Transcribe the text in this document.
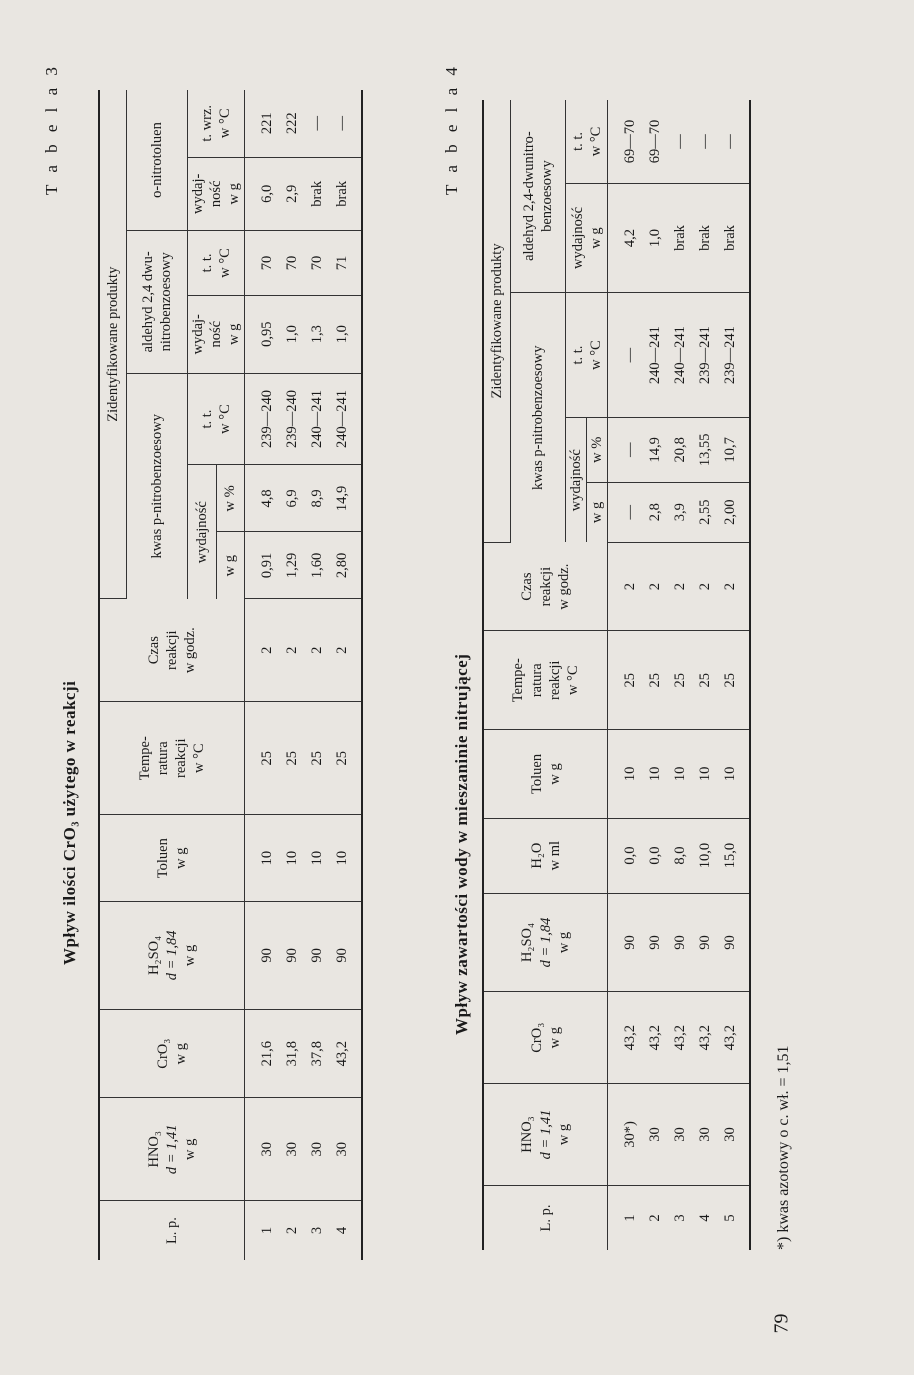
T a b e l a 3
Wpływ ilości CrO₃ użytego w reakcji
L. p.	HNO₃ d = 1,41 w g	CrO₃ w g	H₂SO₄ d = 1,84 w g	Toluen w g	Tempe- ratura reakcji w °C	Czas reakcji w godz.	Zidentyfikowane produkty						
							kwas p-nitrobenzoesowy			aldehyd 2,4 dwu-nitrobenzoesowy		o-nitrotoluen	
							wydajność		t. t. w °C	wydaj- ność w g	t. t. w °C	wydaj- ność w g	t. wrz. w °C
							w g	w %					
1	30	21,6	90	10	25	2	0,91	4,8	239—240	0,95	70	6,0	221
2	30	31,8	90	10	25	2	1,29	6,9	239—240	1,0	70	2,9	222
3	30	37,8	90	10	25	2	1,60	8,9	240—241	1,3	70	brak	—
4	30	43,2	90	10	25	2	2,80	14,9	240—241	1,0	71	brak	—	T a b e l a 4
Wpływ zawartości wody w mieszaninie nitrującej
L. p.	HNO₃ d = 1,41 w g	CrO₃ w g	H₂SO₄ d = 1,84 w g	H₂O w ml	Toluen w g	Tempe- ratura reakcji w °C	Czas reakcji w godz.	Zidentyfikowane produkty				
								kwas p-nitrobenzoesowy			aldehyd 2,4-dwunitro-benzoesowy	
								wydajność		t. t. w °C	wydajność w g	t. t. w °C
								w g	w %			
1	30*)	43,2	90	0,0	10	25	2	—	—	—	4,2	69—70
2	30	43,2	90	0,0	10	25	2	2,8	14,9	240—241	1,0	69—70
3	30	43,2	90	8,0	10	25	2	3,9	20,8	240—241	brak	—
4	30	43,2	90	10,0	10	25	2	2,55	13,55	239—241	brak	—
5	30	43,2	90	15,0	10	25	2	2,00	10,7	239—241	brak	—
*) kwas azotowy o c. wł. = 1,51
79
